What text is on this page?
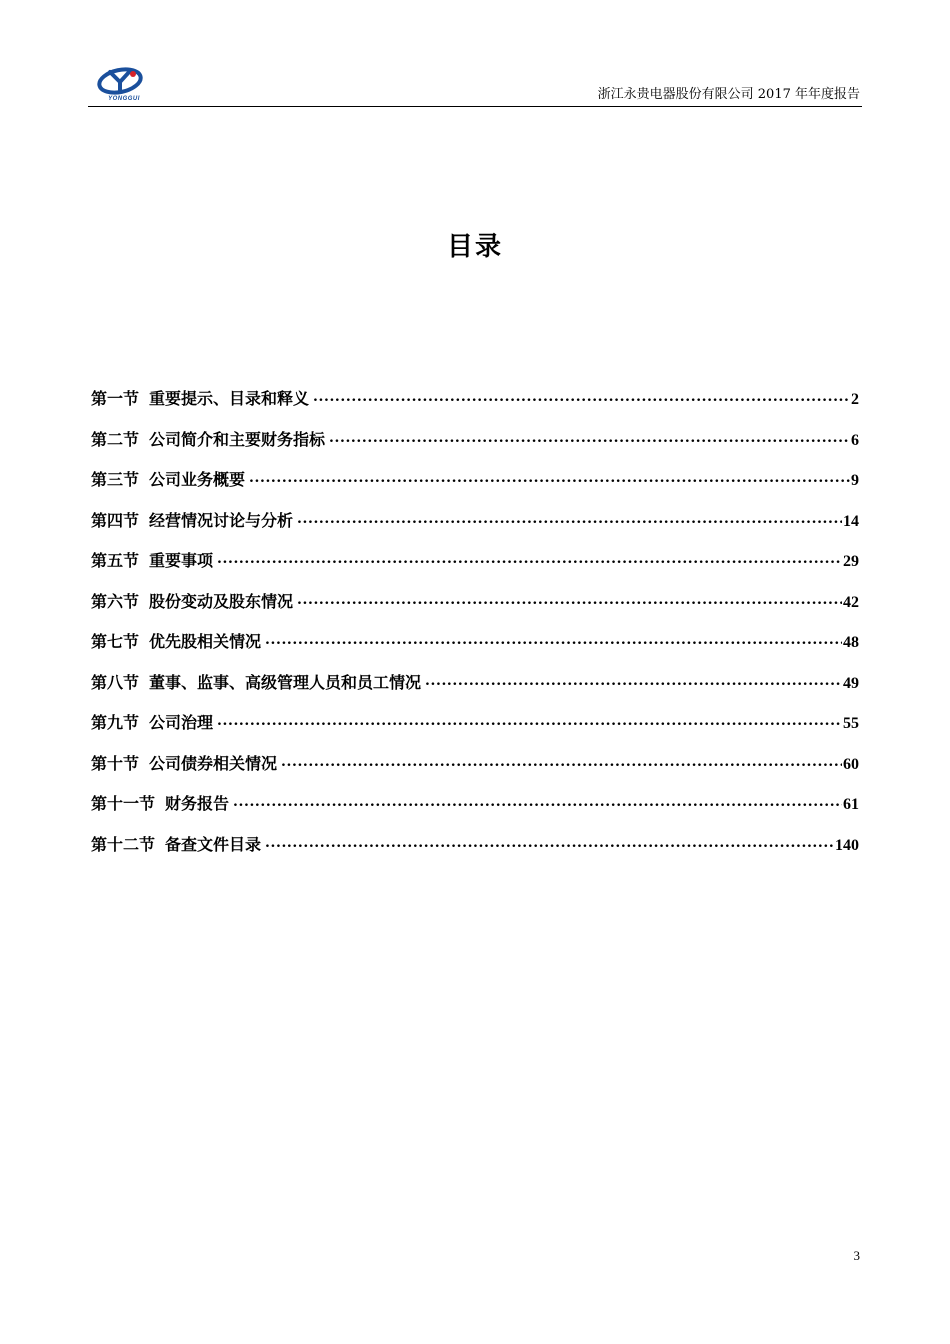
YONGGUI	浙江永贵电器股份有限公司 2017 年年度报告
目录
第一节 重要提示、目录和释义 .....	2
第二节 公司简介和主要财务指标 .....	6
第三节 公司业务概要 .....	9
第四节 经营情况讨论与分析 .....	14
第五节 重要事项 .....	29
第六节 股份变动及股东情况 .....	42
第七节 优先股相关情况 .....	48
第八节 董事、监事、高级管理人员和员工情况 .....	49
第九节 公司治理 .....	55
第十节 公司债券相关情况 .....	60
第十一节 财务报告 .....	61
第十二节 备查文件目录 .....	140
3
